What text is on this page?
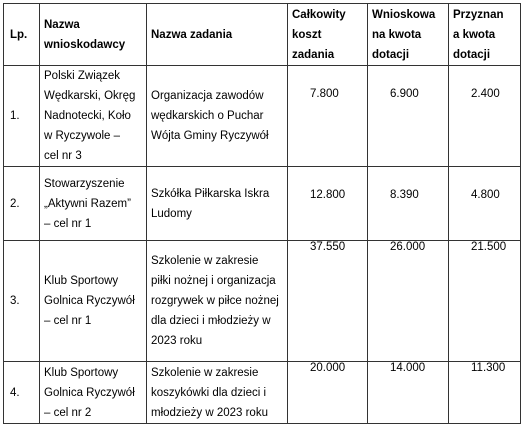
Lp.	Nazwa
wnioskodawcy	Nazwa zadania	Całkowity
koszt
zadania	Wnioskowa
na kwota
dotacji	Przyznan
a kwota
dotacji

1.	Polski Związek
Wędkarski, Okręg
Nadnotecki, Koło
w Ryczywole –
cel nr 3	Organizacja zawodów
wędkarskich o Puchar
Wójta Gminy Ryczywół	7.800	6.900	2.400

2.	Stowarzyszenie
„Aktywni Razem”
– cel nr 1	Szkółka Piłkarska Iskra
Ludomy	12.800	8.390	4.800

3.	Klub Sportowy
Golnica Ryczywół
– cel nr 1	Szkolenie w zakresie
piłki nożnej i organizacja
rozgrywek w piłce nożnej
dla dzieci i młodzieży w
2023 roku	37.550	26.000	21.500

4.	Klub Sportowy
Golnica Ryczywół
– cel nr 2	Szkolenie w zakresie
koszykówki dla dzieci i
młodzieży w 2023 roku	20.000	14.000	11.300
